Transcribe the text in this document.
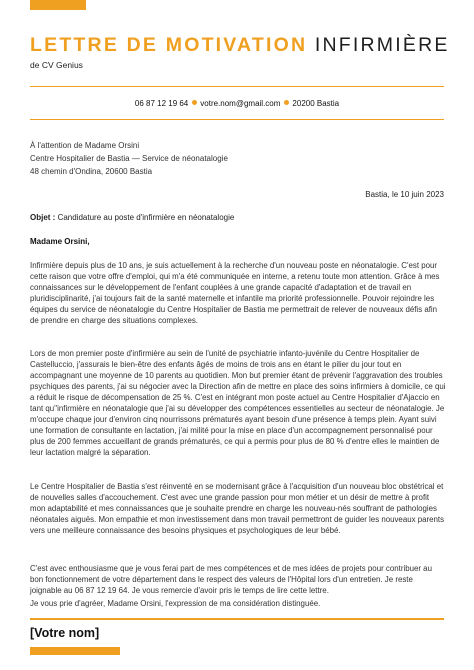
LETTRE DE MOTIVATION INFIRMIÈRE
de CV Genius
06 87 12 19 64 votre.nom@gmail.com 20200 Bastia
À l'attention de Madame Orsini
Centre Hospitalier de Bastia — Service de néonatalogie
48 chemin d'Ondina, 20600 Bastia
Bastia, le 10 juin 2023
Objet : Candidature au poste d'infirmière en néonatalogie
Madame Orsini,

Infirmière depuis plus de 10 ans, je suis actuellement à la recherche d'un nouveau poste en néonatalogie. C'est pour cette raison que votre offre d'emploi, qui m'a été communiquée en interne, a retenu toute mon attention. Grâce à mes connaissances sur le développement de l'enfant couplées à une grande capacité d'adaptation et de travail en pluridisciplinarité, j'ai toujours fait de la santé maternelle et infantile ma priorité professionnelle. Pouvoir rejoindre les équipes du service de néonatalogie du Centre Hospitalier de Bastia me permettrait de relever de nouveaux défis afin de prendre en charge des situations complexes.

Lors de mon premier poste d'infirmière au sein de l'unité de psychiatrie infanto-juvénile du Centre Hospitalier de Castelluccio, j'assurais le bien-être des enfants âgés de moins de trois ans en étant le pilier du jour tout en accompagnant une moyenne de 10 parents au quotidien. Mon but premier étant de prévenir l'aggravation des troubles psychiques des parents, j'ai su négocier avec la Direction afin de mettre en place des soins infirmiers à domicile, ce qui a réduit le risque de décompensation de 25 %. C'est en intégrant mon poste actuel au Centre Hospitalier d'Ajaccio en tant qu''infirmière en néonatalogie que j'ai su développer des compétences essentielles au secteur de néonatalogie. Je m'occupe chaque jour d'environ cinq nourrissons prématurés ayant besoin d'une présence à temps plein. Ayant suivi une formation de consultante en lactation, j'ai milité pour la mise en place d'un accompagnement personnalisé pour plus de 200 femmes accueillant de grands prématurés, ce qui a permis pour plus de 80 % d'entre elles le maintien de leur lactation malgré la séparation.

Le Centre Hospitalier de Bastia s'est réinventé en se modernisant grâce à l'acquisition d'un nouveau bloc obstétrical et de nouvelles salles d'accouchement. C'est avec une grande passion pour mon métier et un désir de mettre à profit mon adaptabilité et mes connaissances que je souhaite prendre en charge les nouveau-nés souffrant de pathologies néonatales aiguës. Mon empathie et mon investissement dans mon travail permettront de guider les nouveaux parents vers une meilleure connaissance des besoins physiques et psychologiques de leur bébé.

C'est avec enthousiasme que je vous ferai part de mes compétences et de mes idées de projets pour contribuer au bon fonctionnement de votre département dans le respect des valeurs de l'Hôpital lors d'un entretien. Je reste joignable au 06 87 12 19 64. Je vous remercie d'avoir pris le temps de lire cette lettre.

Je vous prie d'agréer, Madame Orsini, l'expression de ma considération distinguée.

[Votre nom]
